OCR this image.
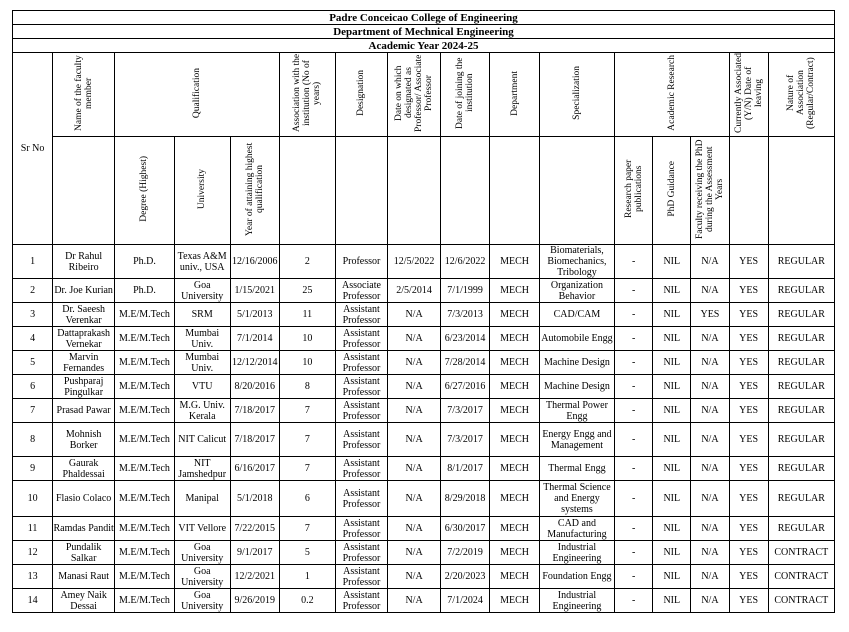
Padre Conceicao College of Engineering															
Department of Mechnical Engineering															
Academic Year 2024-25															
Sr No	Name of the faculty member	Qualification			Association with the institution (No of years)	Designation	Date on which designated as Professor/ Associate Professor	Date of joining the institution	Department	Specialization	Academic Research			Currently Associated (Y/N) Date of leaving	Nature of Association (Regular/Contract)
		Degree (Highest)	University	Year of attaining highest qualification							Research paper publications	PhD Guidance	Faculty receiving the PhD during the Assessment Years		
1	Dr Rahul Ribeiro	Ph.D.	Texas A&M univ., USA	12/16/2006	2	Professor	12/5/2022	12/6/2022	MECH	Biomaterials, Biomechanics, Tribology	-	NIL	N/A	YES	REGULAR
2	Dr. Joe Kurian	Ph.D.	Goa University	1/15/2021	25	Associate Professor	2/5/2014	7/1/1999	MECH	Organization Behavior	-	NIL	N/A	YES	REGULAR
3	Dr. Saeesh Verenkar	M.E/M.Tech	SRM	5/1/2013	11	Assistant Professor	N/A	7/3/2013	MECH	CAD/CAM	-	NIL	YES	YES	REGULAR
4	Dattaprakash Vernekar	M.E/M.Tech	Mumbai Univ.	7/1/2014	10	Assistant Professor	N/A	6/23/2014	MECH	Automobile Engg	-	NIL	N/A	YES	REGULAR
5	Marvin Fernandes	M.E/M.Tech	Mumbai Univ.	12/12/2014	10	Assistant Professor	N/A	7/28/2014	MECH	Machine Design	-	NIL	N/A	YES	REGULAR
6	Pushparaj Pingulkar	M.E/M.Tech	VTU	8/20/2016	8	Assistant Professor	N/A	6/27/2016	MECH	Machine Design	-	NIL	N/A	YES	REGULAR
7	Prasad Pawar	M.E/M.Tech	M.G. Univ. Kerala	7/18/2017	7	Assistant Professor	N/A	7/3/2017	MECH	Thermal Power Engg	-	NIL	N/A	YES	REGULAR
8	Mohnish Borker	M.E/M.Tech	NIT Calicut	7/18/2017	7	Assistant Professor	N/A	7/3/2017	MECH	Energy Engg and Management	-	NIL	N/A	YES	REGULAR
9	Gaurak Phaldessai	M.E/M.Tech	NIT Jamshedpur	6/16/2017	7	Assistant Professor	N/A	8/1/2017	MECH	Thermal Engg	-	NIL	N/A	YES	REGULAR
10	Flasio Colaco	M.E/M.Tech	Manipal	5/1/2018	6	Assistant Professor	N/A	8/29/2018	MECH	Thermal Science and Energy systems	-	NIL	N/A	YES	REGULAR
11	Ramdas Pandit	M.E/M.Tech	VIT Vellore	7/22/2015	7	Assistant Professor	N/A	6/30/2017	MECH	CAD and Manufacturing	-	NIL	N/A	YES	REGULAR
12	Pundalik Salkar	M.E/M.Tech	Goa University	9/1/2017	5	Assistant Professor	N/A	7/2/2019	MECH	Industrial Engineering	-	NIL	N/A	YES	CONTRACT
13	Manasi Raut	M.E/M.Tech	Goa University	12/2/2021	1	Assistant Professor	N/A	2/20/2023	MECH	Foundation Engg	-	NIL	N/A	YES	CONTRACT
14	Amey Naik Dessai	M.E/M.Tech	Goa University	9/26/2019	0.2	Assistant Professor	N/A	7/1/2024	MECH	Industrial Engineering	-	NIL	N/A	YES	CONTRACT
